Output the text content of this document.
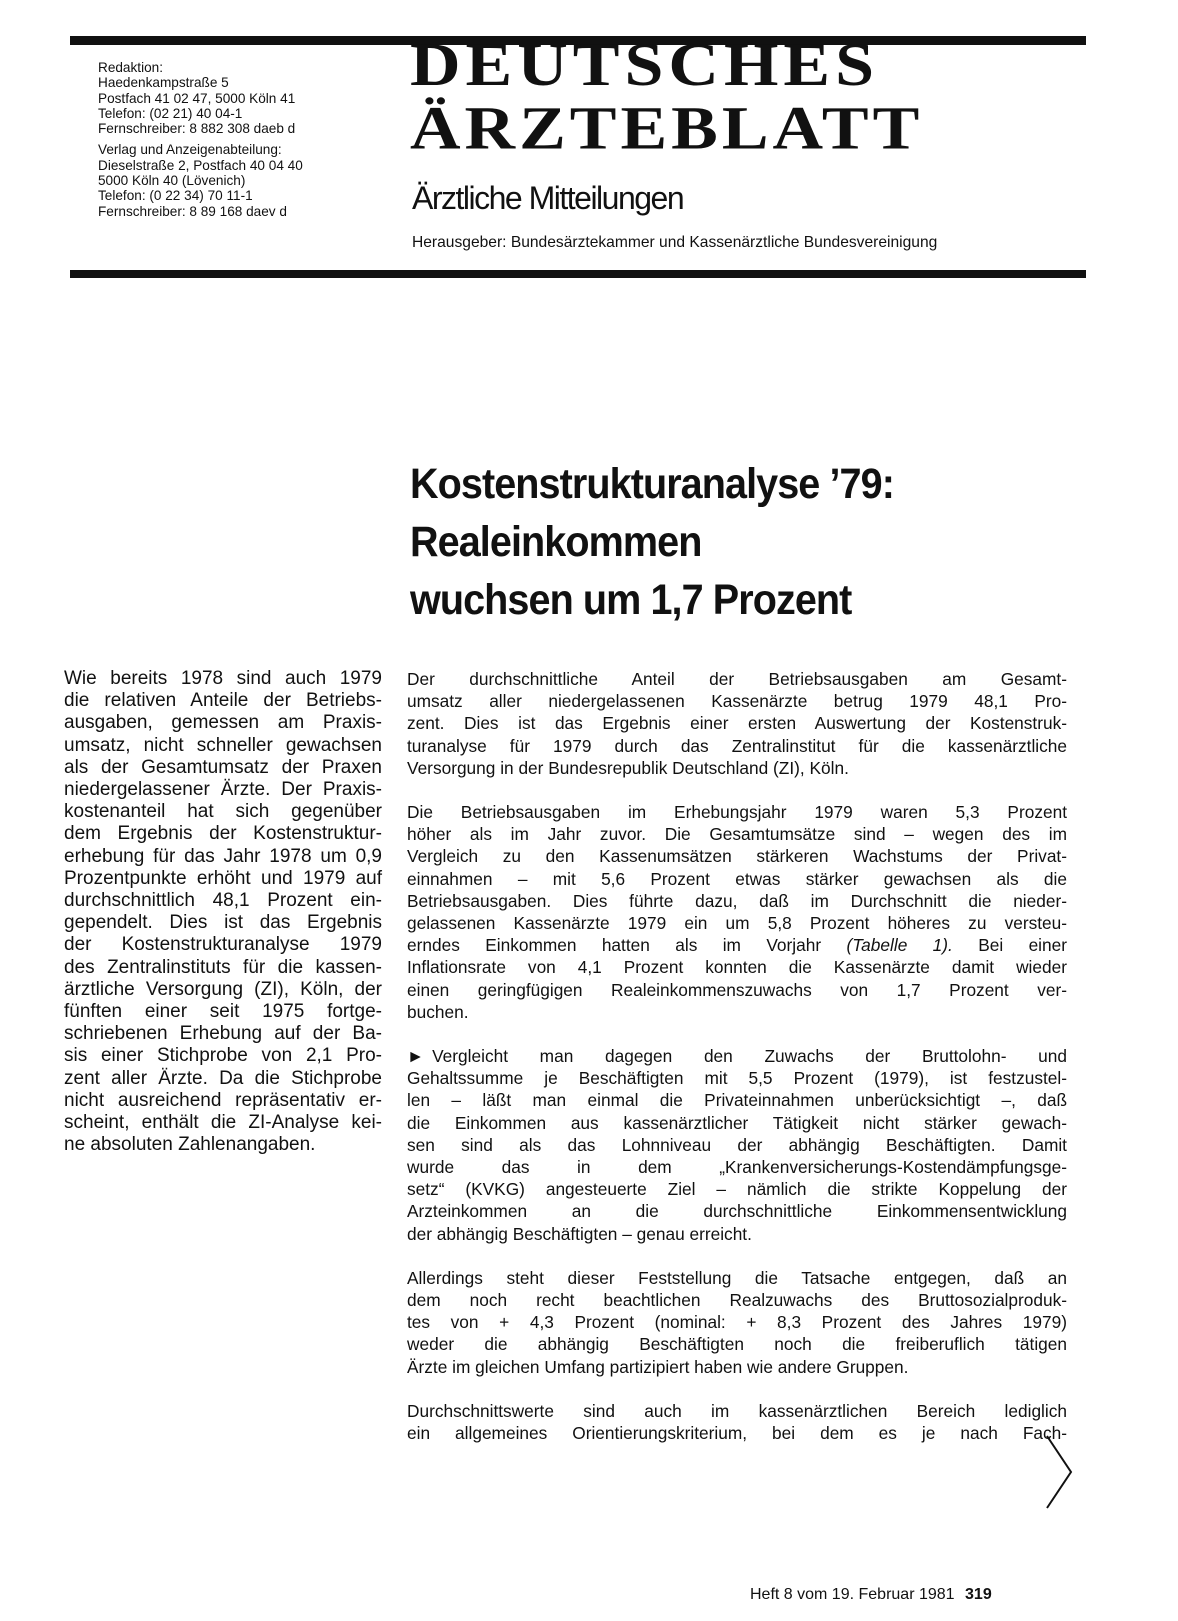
Redaktion:
Haedenkampstraße 5
Postfach 41 02 47, 5000 Köln 41
Telefon: (02 21) 40 04-1
Fernschreiber: 8 882 308 daeb d
Verlag und Anzeigenabteilung:
Dieselstraße 2, Postfach 40 04 40
5000 Köln 40 (Lövenich)
Telefon: (0 22 34) 70 11-1
Fernschreiber: 8 89 168 daev d
DEUTSCHES
ÄRZTEBLATT
Ärztliche Mitteilungen
Herausgeber: Bundesärztekammer und Kassenärztliche Bundesvereinigung
Kostenstrukturanalyse ’79:
Realeinkommen
wuchsen um 1,7 Prozent
Wie bereits 1978 sind auch 1979
die relativen Anteile der Betriebs-
ausgaben, gemessen am Praxis-
umsatz, nicht schneller gewachsen
als der Gesamtumsatz der Praxen
niedergelassener Ärzte. Der Praxis-
kostenanteil hat sich gegenüber
dem Ergebnis der Kostenstruktur-
erhebung für das Jahr 1978 um 0,9
Prozentpunkte erhöht und 1979 auf
durchschnittlich 48,1 Prozent ein-
gependelt. Dies ist das Ergebnis
der Kostenstrukturanalyse 1979
des Zentralinstituts für die kassen-
ärztliche Versorgung (ZI), Köln, der
fünften einer seit 1975 fortge-
schriebenen Erhebung auf der Ba-
sis einer Stichprobe von 2,1 Pro-
zent aller Ärzte. Da die Stichprobe
nicht ausreichend repräsentativ er-
scheint, enthält die ZI-Analyse kei-
ne absoluten Zahlenangaben.

Der durchschnittliche Anteil der Betriebsausgaben am Gesamt-
umsatz aller niedergelassenen Kassenärzte betrug 1979 48,1 Pro-
zent. Dies ist das Ergebnis einer ersten Auswertung der Kostenstruk-
turanalyse für 1979 durch das Zentralinstitut für die kassenärztliche
Versorgung in der Bundesrepublik Deutschland (ZI), Köln.

Die Betriebsausgaben im Erhebungsjahr 1979 waren 5,3 Prozent
höher als im Jahr zuvor. Die Gesamtumsätze sind – wegen des im
Vergleich zu den Kassenumsätzen stärkeren Wachstums der Privat-
einnahmen – mit 5,6 Prozent etwas stärker gewachsen als die
Betriebsausgaben. Dies führte dazu, daß im Durchschnitt die nieder-
gelassenen Kassenärzte 1979 ein um 5,8 Prozent höheres zu versteu-
erndes Einkommen hatten als im Vorjahr (Tabelle 1). Bei einer
Inflationsrate von 4,1 Prozent konnten die Kassenärzte damit wieder
einen geringfügigen Realeinkommenszuwachs von 1,7 Prozent ver-
buchen.

► Vergleicht man dagegen den Zuwachs der Bruttolohn- und
Gehaltssumme je Beschäftigten mit 5,5 Prozent (1979), ist festzustel-
len – läßt man einmal die Privateinnahmen unberücksichtigt –, daß
die Einkommen aus kassenärztlicher Tätigkeit nicht stärker gewach-
sen sind als das Lohnniveau der abhängig Beschäftigten. Damit
wurde das in dem „Krankenversicherungs-Kostendämpfungsge-
setz“ (KVKG) angesteuerte Ziel – nämlich die strikte Koppelung der
Arzteinkommen an die durchschnittliche Einkommensentwicklung
der abhängig Beschäftigten – genau erreicht.

Allerdings steht dieser Feststellung die Tatsache entgegen, daß an
dem noch recht beachtlichen Realzuwachs des Bruttosozialproduk-
tes von + 4,3 Prozent (nominal: + 8,3 Prozent des Jahres 1979)
weder die abhängig Beschäftigten noch die freiberuflich tätigen
Ärzte im gleichen Umfang partizipiert haben wie andere Gruppen.

Durchschnittswerte sind auch im kassenärztlichen Bereich lediglich
ein allgemeines Orientierungskriterium, bei dem es je nach Fach-

Heft 8 vom 19. Februar 1981 319
